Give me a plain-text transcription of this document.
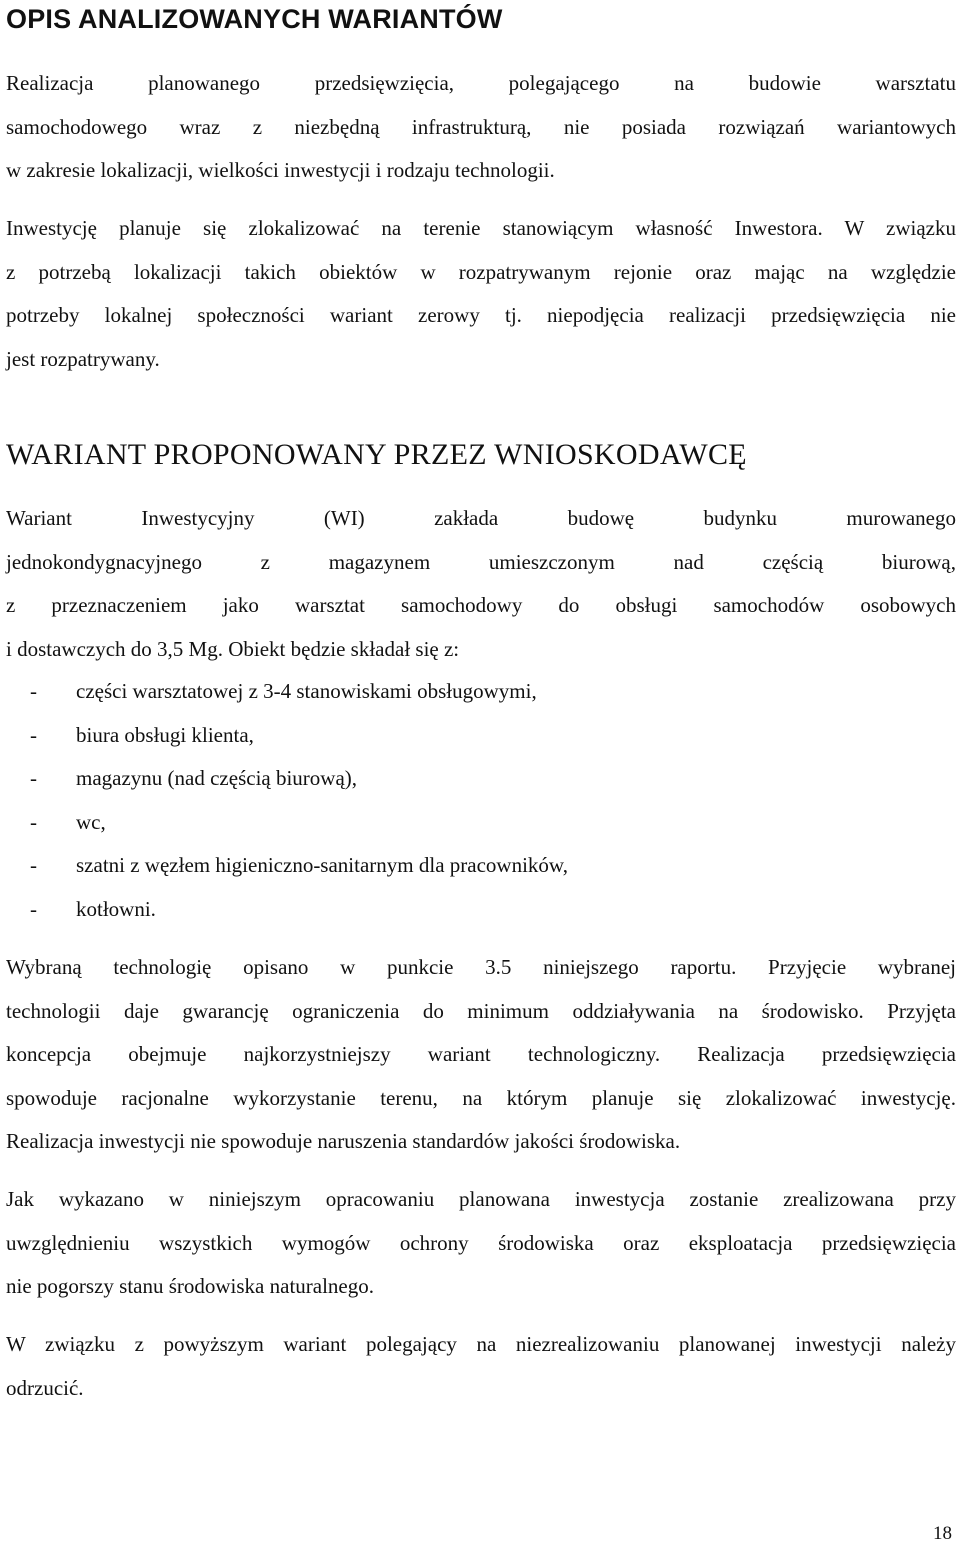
OPIS ANALIZOWANYCH WARIANTÓW
Realizacja planowanego przedsięwzięcia, polegającego na budowie warsztatu
samochodowego wraz z niezbędną infrastrukturą, nie posiada rozwiązań wariantowych
w zakresie lokalizacji, wielkości inwestycji i rodzaju technologii.
Inwestycję planuje się zlokalizować na terenie stanowiącym własność Inwestora. W związku
z potrzebą lokalizacji takich obiektów w rozpatrywanym rejonie oraz mając na względzie
potrzeby lokalnej społeczności wariant zerowy tj. niepodjęcia realizacji przedsięwzięcia nie
jest rozpatrywany.
WARIANT PROPONOWANY PRZEZ WNIOSKODAWCĘ
Wariant Inwestycyjny (WI) zakłada budowę budynku murowanego
jednokondygnacyjnego z magazynem umieszczonym nad częścią biurową,
z przeznaczeniem jako warsztat samochodowy do obsługi samochodów osobowych
i dostawczych do 3,5 Mg. Obiekt będzie składał się z:
- części warsztatowej z 3-4 stanowiskami obsługowymi,
- biura obsługi klienta,
- magazynu (nad częścią biurową),
- wc,
- szatni z węzłem higieniczno-sanitarnym dla pracowników,
- kotłowni.
Wybraną technologię opisano w punkcie 3.5 niniejszego raportu. Przyjęcie wybranej
technologii daje gwarancję ograniczenia do minimum oddziaływania na środowisko. Przyjęta
koncepcja obejmuje najkorzystniejszy wariant technologiczny. Realizacja przedsięwzięcia
spowoduje racjonalne wykorzystanie terenu, na którym planuje się zlokalizować inwestycję.
Realizacja inwestycji nie spowoduje naruszenia standardów jakości środowiska.
Jak wykazano w niniejszym opracowaniu planowana inwestycja zostanie zrealizowana przy
uwzględnieniu wszystkich wymogów ochrony środowiska oraz eksploatacja przedsięwzięcia
nie pogorszy stanu środowiska naturalnego.
W związku z powyższym wariant polegający na niezrealizowaniu planowanej inwestycji należy
odrzucić.
18
